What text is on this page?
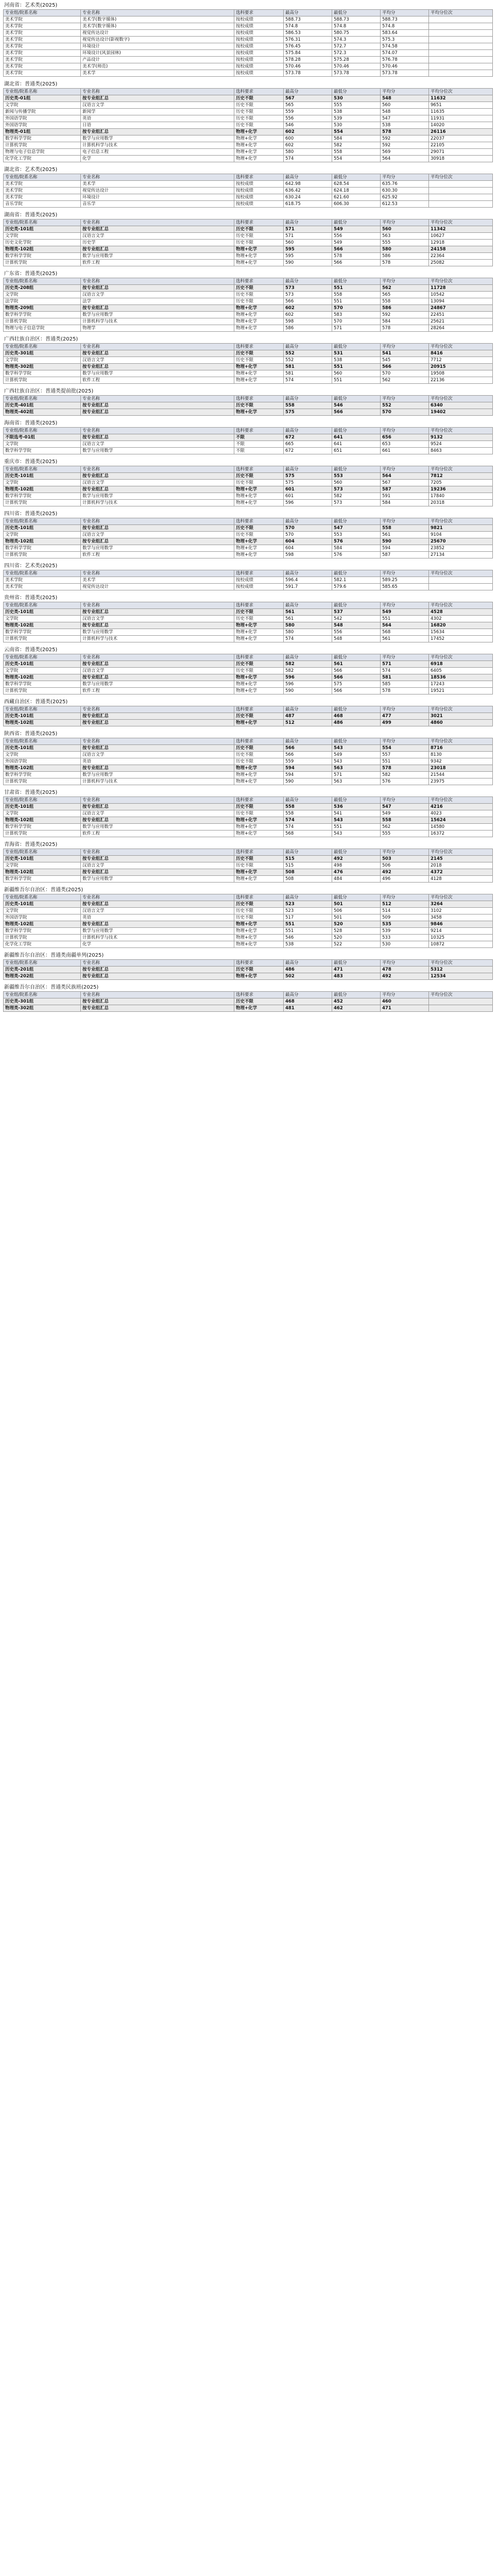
河南省：艺术类(2025)
专业组/院系名称	专业名称	选科要求	最高分	最低分	平均分	平均分位次
美术学院	美术学(数字媒体)	按校成绩	588.73	588.73	588.73	
美术学院	美术学(数字媒体)	按校成绩	574.8	574.8	574.8	
美术学院	视觉传达设计	按校成绩	586.53	580.75	583.64	
美术学院	视觉传达设计(影视数字)	按校成绩	576.31	574.3	575.3	
美术学院	环境设计	按校成绩	576.45	572.7	574.58	
美术学院	环境设计(风景园林)	按校成绩	575.84	572.3	574.07	
美术学院	产品设计	按校成绩	578.28	575.28	576.78	
美术学院	美术学(师范)	按校成绩	570.46	570.46	570.46	
美术学院	美术学	按校成绩	573.78	573.78	573.78	
湖北省：普通类(2025)
专业组/院系名称	专业名称	选科要求	最高分	最低分	平均分	平均分位次
历史类-01组	按专业组汇总	历史不限	567	530	548	11632
文学院	汉语言文学	历史不限	565	555	560	9651
新闻与传播学院	新闻学	历史不限	559	538	548	11635
外国语学院	英语	历史不限	556	539	547	11931
外国语学院	日语	历史不限	546	530	538	14020
物理类-01组	按专业组汇总	物理+化学	602	554	578	26116
数学科学学院	数学与应用数学	物理+化学	600	584	592	22037
计算机学院	计算机科学与技术	物理+化学	602	582	592	22105
物理与电子信息学院	电子信息工程	物理+化学	580	558	569	29071
化学化工学院	化学	物理+化学	574	554	564	30918
湖北省：艺术类(2025)
专业组/院系名称	专业名称	选科要求	最高分	最低分	平均分	平均分位次
美术学院	美术学	按校成绩	642.98	628.54	635.76	
美术学院	视觉传达设计	按校成绩	636.42	624.18	630.30	
美术学院	环境设计	按校成绩	630.24	621.60	625.92	
音乐学院	音乐学	按校成绩	618.75	606.30	612.53	
湖南省：普通类(2025)
专业组/院系名称	专业名称	选科要求	最高分	最低分	平均分	平均分位次
历史类-101组	按专业组汇总	历史不限	571	549	560	11342
文学院	汉语言文学	历史不限	571	556	563	10627
历史文化学院	历史学	历史不限	560	549	555	12918
物理类-102组	按专业组汇总	物理+化学	595	566	580	24158
数学科学学院	数学与应用数学	物理+化学	595	578	586	22364
计算机学院	软件工程	物理+化学	590	566	578	25082
广东省：普通类(2025)
专业组/院系名称	专业名称	选科要求	最高分	最低分	平均分	平均分位次
历史类-208组	按专业组汇总	历史不限	573	551	562	11728
文学院	汉语言文学	历史不限	573	558	565	10542
法学院	法学	历史不限	566	551	558	13094
物理类-209组	按专业组汇总	物理+化学	602	570	586	24867
数学科学学院	数学与应用数学	物理+化学	602	583	592	22451
计算机学院	计算机科学与技术	物理+化学	598	570	584	25621
物理与电子信息学院	物理学	物理+化学	586	571	578	28264
广西壮族自治区：普通类(2025)
专业组/院系名称	专业名称	选科要求	最高分	最低分	平均分	平均分位次
历史类-301组	按专业组汇总	历史不限	552	531	541	8416
文学院	汉语言文学	历史不限	552	538	545	7712
物理类-302组	按专业组汇总	物理+化学	581	551	566	20915
数学科学学院	数学与应用数学	物理+化学	581	560	570	19508
计算机学院	软件工程	物理+化学	574	551	562	22136
广西壮族自治区：普通类提前批(2025)
专业组/院系名称	专业名称	选科要求	最高分	最低分	平均分	平均分位次
历史类-401组	按专业组汇总	历史不限	558	546	552	6340
物理类-402组	按专业组汇总	物理+化学	575	566	570	19402
海南省：普通类(2025)
专业组/院系名称	专业名称	选科要求	最高分	最低分	平均分	平均分位次
不限选考-01组	按专业组汇总	不限	672	641	656	9132
文学院	汉语言文学	不限	665	641	653	9524
数学科学学院	数学与应用数学	不限	672	651	661	8463
重庆市：普通类(2025)
专业组/院系名称	专业名称	选科要求	最高分	最低分	平均分	平均分位次
历史类-101组	按专业组汇总	历史不限	575	553	564	7812
文学院	汉语言文学	历史不限	575	560	567	7205
物理类-102组	按专业组汇总	物理+化学	601	573	587	19236
数学科学学院	数学与应用数学	物理+化学	601	582	591	17840
计算机学院	计算机科学与技术	物理+化学	596	573	584	20318
四川省：普通类(2025)
专业组/院系名称	专业名称	选科要求	最高分	最低分	平均分	平均分位次
历史类-101组	按专业组汇总	历史不限	570	547	558	9821
文学院	汉语言文学	历史不限	570	553	561	9104
物理类-102组	按专业组汇总	物理+化学	604	576	590	25670
数学科学学院	数学与应用数学	物理+化学	604	584	594	23852
计算机学院	软件工程	物理+化学	598	576	587	27134
四川省：艺术类(2025)
专业组/院系名称	专业名称	选科要求	最高分	最低分	平均分	平均分位次
美术学院	美术学	按校成绩	596.4	582.1	589.25	
美术学院	视觉传达设计	按校成绩	591.7	579.6	585.65	
贵州省：普通类(2025)
专业组/院系名称	专业名称	选科要求	最高分	最低分	平均分	平均分位次
历史类-101组	按专业组汇总	历史不限	561	537	549	4528
文学院	汉语言文学	历史不限	561	542	551	4302
物理类-102组	按专业组汇总	物理+化学	580	548	564	16820
数学科学学院	数学与应用数学	物理+化学	580	556	568	15634
计算机学院	计算机科学与技术	物理+化学	574	548	561	17452
云南省：普通类(2025)
专业组/院系名称	专业名称	选科要求	最高分	最低分	平均分	平均分位次
历史类-101组	按专业组汇总	历史不限	582	561	571	6918
文学院	汉语言文学	历史不限	582	566	574	6405
物理类-102组	按专业组汇总	物理+化学	596	566	581	18536
数学科学学院	数学与应用数学	物理+化学	596	575	585	17243
计算机学院	软件工程	物理+化学	590	566	578	19521
西藏自治区：普通类(2025)
专业组/院系名称	专业名称	选科要求	最高分	最低分	平均分	平均分位次
历史类-101组	按专业组汇总	历史不限	487	468	477	3021
物理类-102组	按专业组汇总	物理+化学	512	486	499	4860
陕西省：普通类(2025)
专业组/院系名称	专业名称	选科要求	最高分	最低分	平均分	平均分位次
历史类-101组	按专业组汇总	历史不限	566	543	554	8716
文学院	汉语言文学	历史不限	566	549	557	8130
外国语学院	英语	历史不限	559	543	551	9342
物理类-102组	按专业组汇总	物理+化学	594	563	578	23018
数学科学学院	数学与应用数学	物理+化学	594	571	582	21544
计算机学院	计算机科学与技术	物理+化学	590	563	576	23975
甘肃省：普通类(2025)
专业组/院系名称	专业名称	选科要求	最高分	最低分	平均分	平均分位次
历史类-101组	按专业组汇总	历史不限	558	536	547	4216
文学院	汉语言文学	历史不限	558	541	549	4023
物理类-102组	按专业组汇总	物理+化学	574	543	558	15624
数学科学学院	数学与应用数学	物理+化学	574	551	562	14580
计算机学院	软件工程	物理+化学	568	543	555	16372
青海省：普通类(2025)
专业组/院系名称	专业名称	选科要求	最高分	最低分	平均分	平均分位次
历史类-101组	按专业组汇总	历史不限	515	492	503	2145
文学院	汉语言文学	历史不限	515	498	506	2018
物理类-102组	按专业组汇总	物理+化学	508	476	492	4372
数学科学学院	数学与应用数学	物理+化学	508	484	496	4128
新疆维吾尔自治区：普通类(2025)
专业组/院系名称	专业名称	选科要求	最高分	最低分	平均分	平均分位次
历史类-101组	按专业组汇总	历史不限	523	501	512	3264
文学院	汉语言文学	历史不限	523	506	514	3102
外国语学院	英语	历史不限	517	501	509	3458
物理类-102组	按专业组汇总	物理+化学	551	520	535	9846
数学科学学院	数学与应用数学	物理+化学	551	528	539	9214
计算机学院	计算机科学与技术	物理+化学	546	520	533	10325
化学化工学院	化学	物理+化学	538	522	530	10872
新疆维吾尔自治区：普通类南疆单列(2025)
专业组/院系名称	专业名称	选科要求	最高分	最低分	平均分	平均分位次
历史类-201组	按专业组汇总	历史不限	486	471	478	5312
物理类-202组	按专业组汇总	物理+化学	502	483	492	12534
新疆维吾尔自治区：普通类民族班(2025)
专业组/院系名称	专业名称	选科要求	最高分	最低分	平均分	平均分位次
历史类-301组	按专业组汇总	历史不限	468	452	460	
物理类-302组	按专业组汇总	物理+化学	481	462	471	
